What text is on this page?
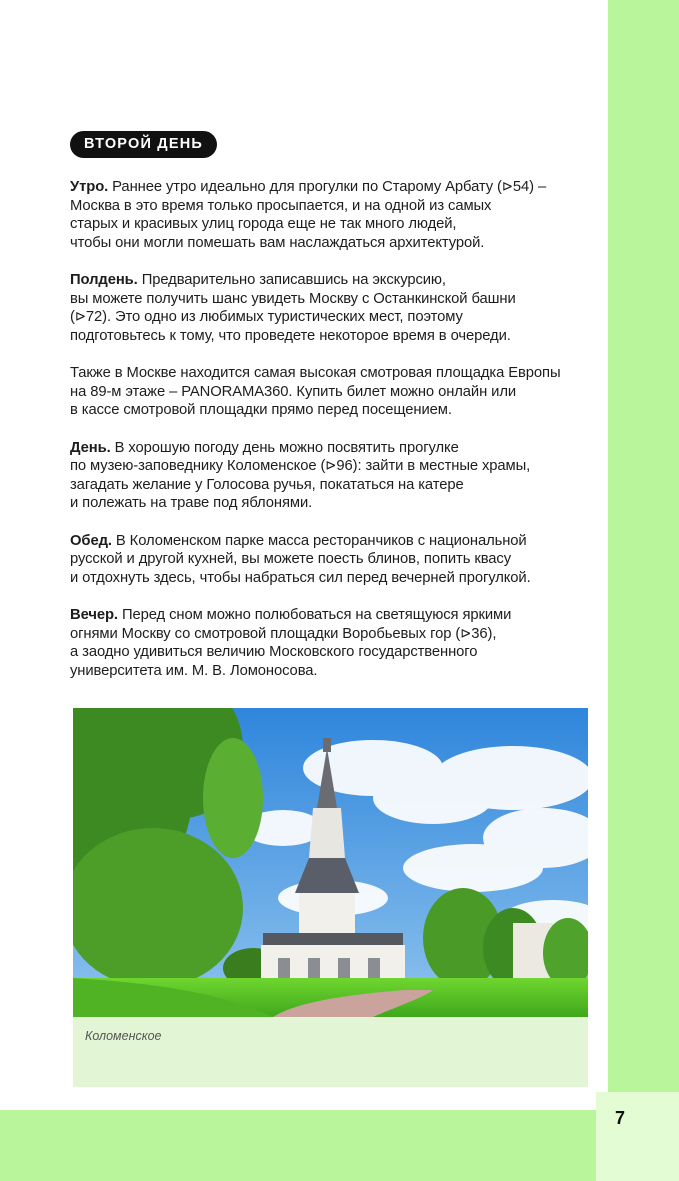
7
ВТОРОЙ ДЕНЬ

Утро. Раннее утро идеально для прогулки по Старому Арбату (⊳54) –
Москва в это время только просыпается, и на одной из самых
старых и красивых улиц города еще не так много людей,
чтобы они могли помешать вам наслаждаться архитектурой.

Полдень. Предварительно записавшись на экскурсию,
вы можете получить шанс увидеть Москву с Останкинской башни
(⊳72). Это одно из любимых туристических мест, поэтому
подготовьтесь к тому, что проведете некоторое время в очереди.

Также в Москве находится самая высокая смотровая площадка Европы
на 89-м этаже – PANORAMA360. Купить билет можно онлайн или
в кассе смотровой площадки прямо перед посещением.

День. В хорошую погоду день можно посвятить прогулке
по музею-заповеднику Коломенское (⊳96): зайти в местные храмы,
загадать желание у Голосова ручья, покататься на катере
и полежать на траве под яблонями.

Обед. В Коломенском парке масса ресторанчиков с национальной
русской и другой кухней, вы можете поесть блинов, попить квасу
и отдохнуть здесь, чтобы набраться сил перед вечерней прогулкой.

Вечер. Перед сном можно полюбоваться на светящуюся яркими
огнями Москву со смотровой площадки Воробьевых гор (⊳36),
а заодно удивиться величию Московского государственного
университета им. М. В. Ломоносова.

Коломенское
